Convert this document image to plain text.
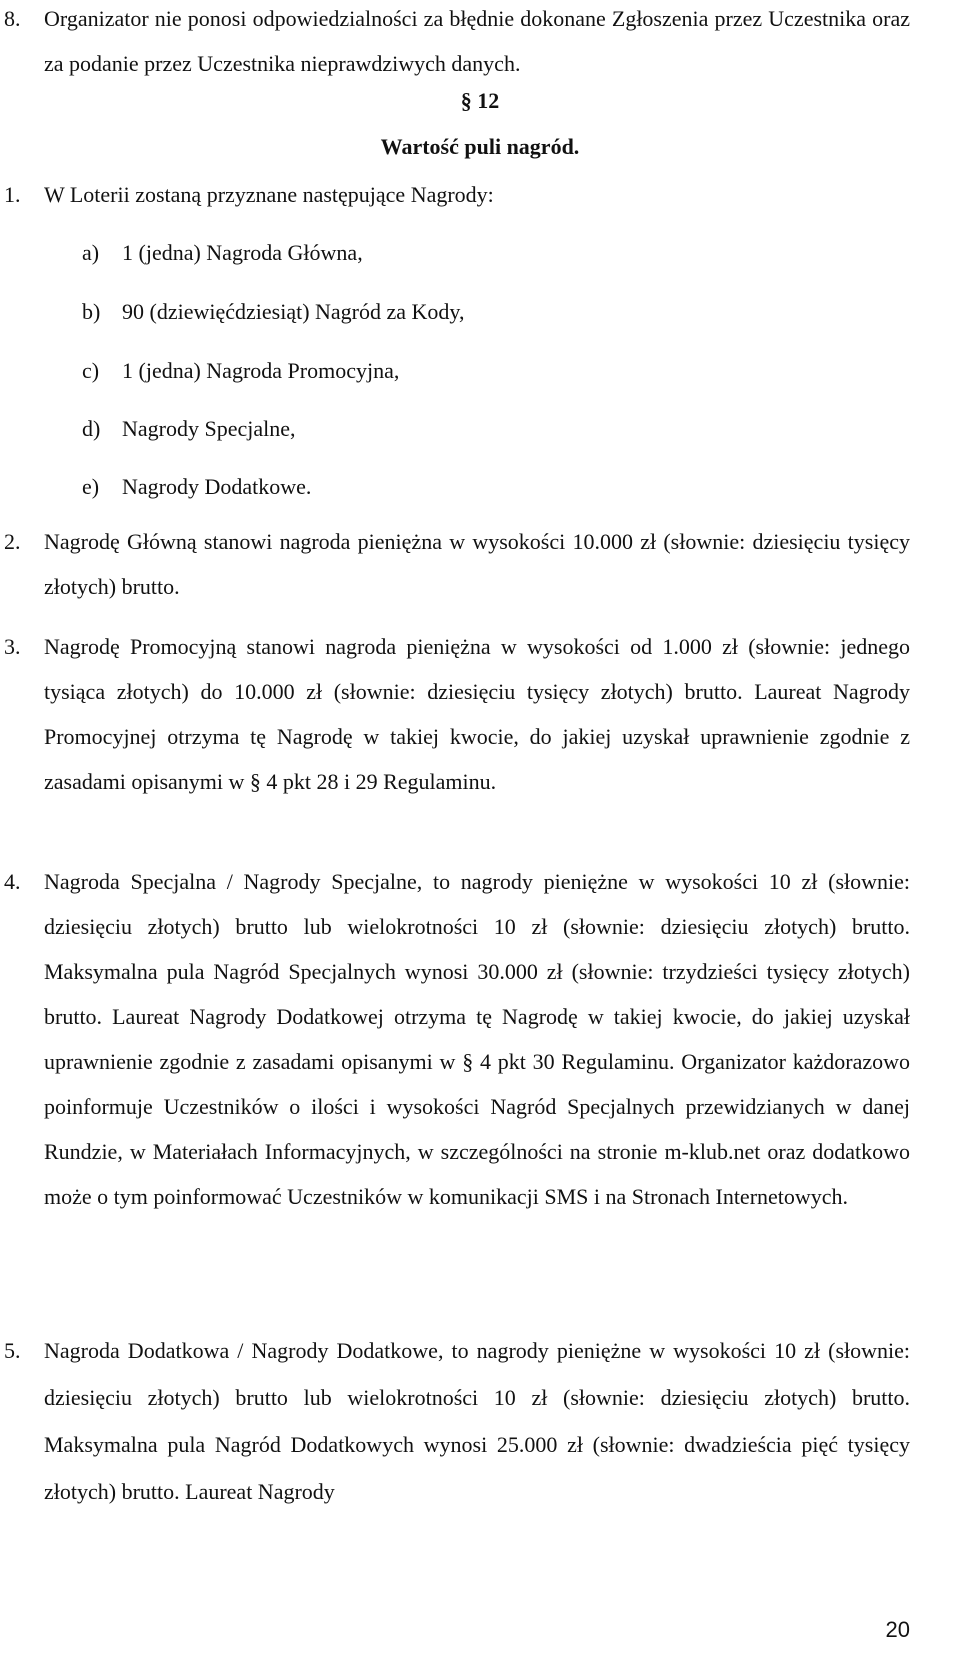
8.	Organizator nie ponosi odpowiedzialności za błędnie dokonane Zgłoszenia przez Uczestnika oraz za podanie przez Uczestnika nieprawdziwych danych.
§ 12
Wartość puli nagród.
1.	W Loterii zostaną przyznane następujące Nagrody:
a) 1 (jedna) Nagroda Główna,
b) 90 (dziewięćdziesiąt) Nagród za Kody,
c) 1 (jedna) Nagroda Promocyjna,
d) Nagrody Specjalne,
e) Nagrody Dodatkowe.
2.	Nagrodę Główną stanowi nagroda pieniężna w wysokości 10.000 zł (słownie: dziesięciu tysięcy złotych) brutto.
3.	Nagrodę Promocyjną stanowi nagroda pieniężna w wysokości od 1.000 zł (słownie: jednego tysiąca złotych) do 10.000 zł (słownie: dziesięciu tysięcy złotych) brutto. Laureat Nagrody Promocyjnej otrzyma tę Nagrodę w takiej kwocie, do jakiej uzyskał uprawnienie zgodnie z zasadami opisanymi w § 4 pkt 28 i 29 Regulaminu.
4.	Nagroda Specjalna / Nagrody Specjalne, to nagrody pieniężne w wysokości 10 zł (słownie: dziesięciu złotych) brutto lub wielokrotności 10 zł (słownie: dziesięciu złotych) brutto. Maksymalna pula Nagród Specjalnych wynosi 30.000 zł (słownie: trzydzieści tysięcy złotych) brutto. Laureat Nagrody Dodatkowej otrzyma tę Nagrodę w takiej kwocie, do jakiej uzyskał uprawnienie zgodnie z zasadami opisanymi w § 4 pkt 30 Regulaminu. Organizator każdorazowo poinformuje Uczestników o ilości i wysokości Nagród Specjalnych przewidzianych w danej Rundzie, w Materiałach Informacyjnych, w szczególności na stronie m-klub.net oraz dodatkowo może o tym poinformować Uczestników w komunikacji SMS i na Stronach Internetowych.
5.	Nagroda Dodatkowa / Nagrody Dodatkowe, to nagrody pieniężne w wysokości 10 zł (słownie: dziesięciu złotych) brutto lub wielokrotności 10 zł (słownie: dziesięciu złotych) brutto. Maksymalna pula Nagród Dodatkowych wynosi 25.000 zł (słownie: dwadzieścia pięć tysięcy złotych) brutto. Laureat Nagrody
20
